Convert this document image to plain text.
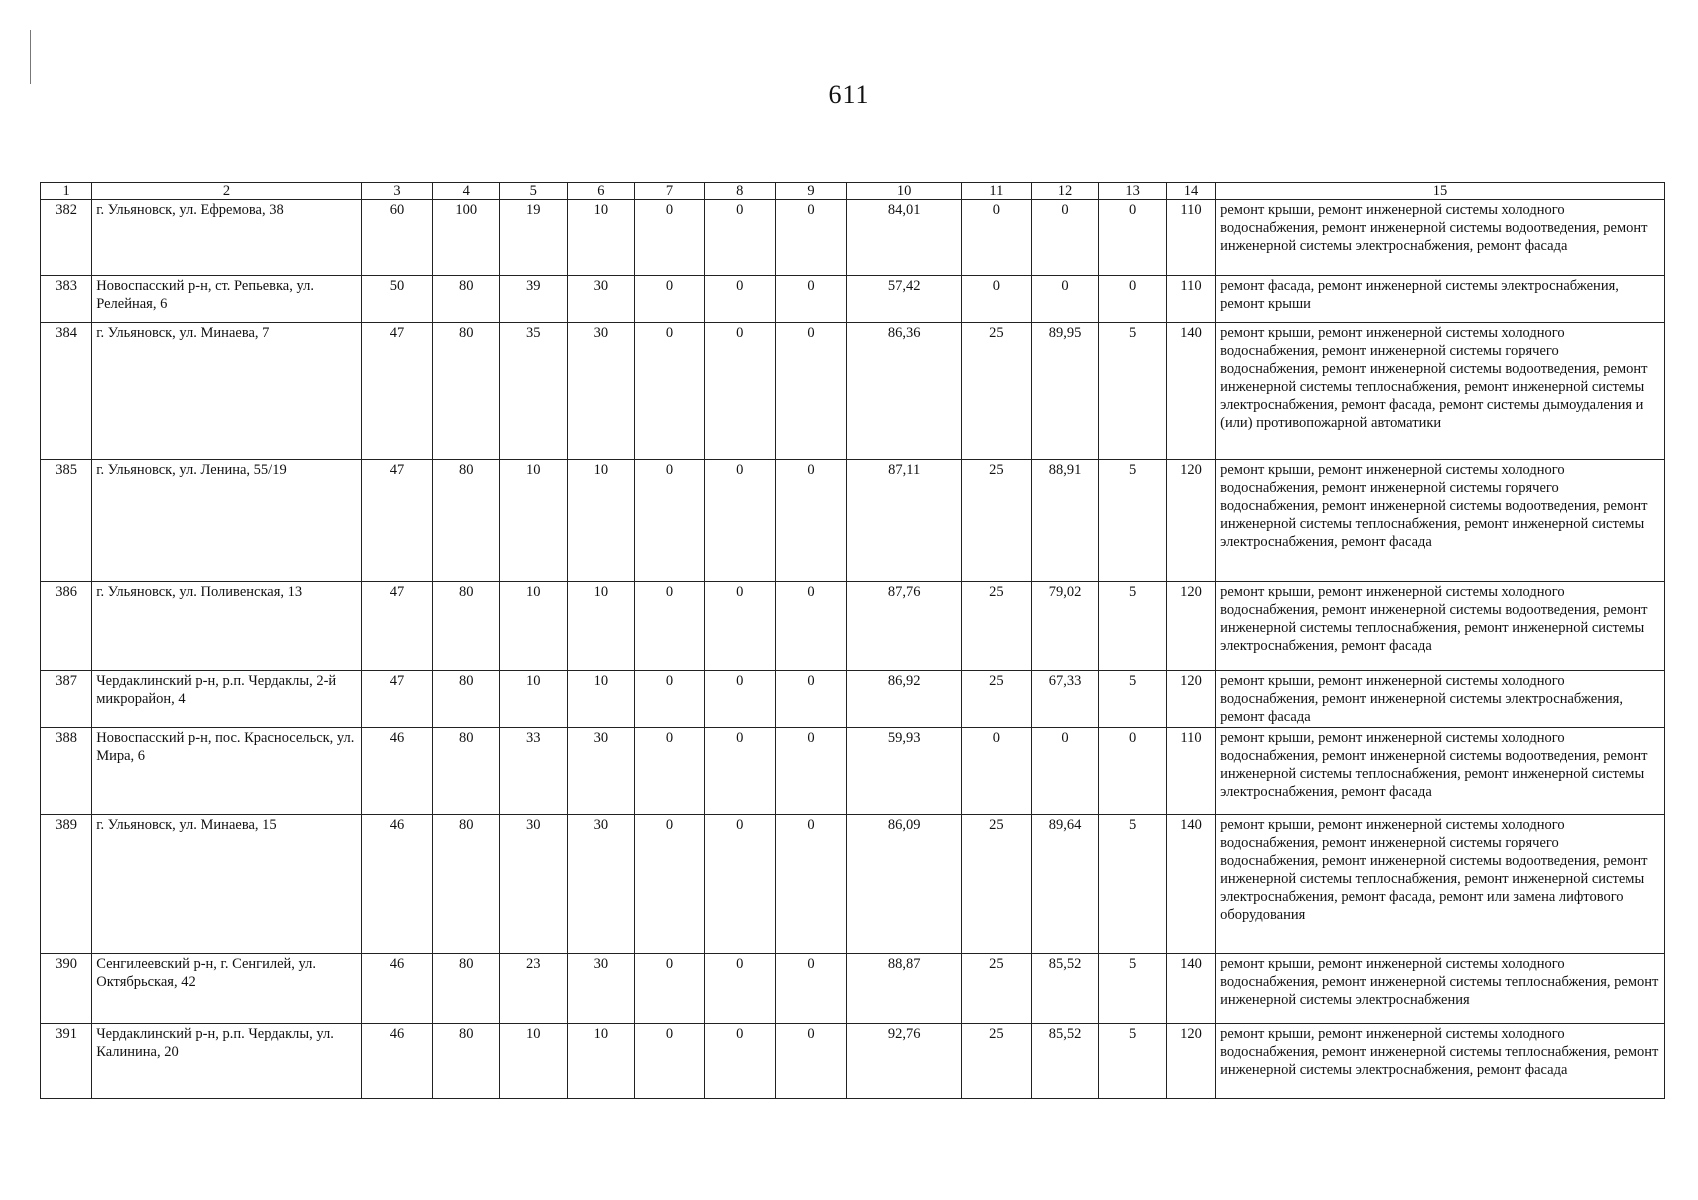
611
1	2	3	4	5	6	7	8	9	10	11	12	13	14	15
382	г. Ульяновск, ул. Ефремова, 38	60	100	19	10	0	0	0	84,01	0	0	0	110	ремонт крыши, ремонт инженерной системы холодного водоснабжения, ремонт инженерной системы водоотведения, ремонт инженерной системы электроснабжения, ремонт фасада
383	Новоспасский р-н, ст. Репьевка, ул. Релейная, 6	50	80	39	30	0	0	0	57,42	0	0	0	110	ремонт фасада, ремонт инженерной системы электроснабжения, ремонт крыши
384	г. Ульяновск, ул. Минаева, 7	47	80	35	30	0	0	0	86,36	25	89,95	5	140	ремонт крыши, ремонт инженерной системы холодного водоснабжения, ремонт инженерной системы горячего водоснабжения, ремонт инженерной системы водоотведения, ремонт инженерной системы теплоснабжения, ремонт инженерной системы электроснабжения, ремонт фасада, ремонт системы дымоудаления и (или) противопожарной автоматики
385	г. Ульяновск, ул. Ленина, 55/19	47	80	10	10	0	0	0	87,11	25	88,91	5	120	ремонт крыши, ремонт инженерной системы холодного водоснабжения, ремонт инженерной системы горячего водоснабжения, ремонт инженерной системы водоотведения, ремонт инженерной системы теплоснабжения, ремонт инженерной системы электроснабжения, ремонт фасада
386	г. Ульяновск, ул. Поливенская, 13	47	80	10	10	0	0	0	87,76	25	79,02	5	120	ремонт крыши, ремонт инженерной системы холодного водоснабжения, ремонт инженерной системы водоотведения, ремонт инженерной системы теплоснабжения, ремонт инженерной системы электроснабжения, ремонт фасада
387	Чердаклинский р-н, р.п. Чердаклы, 2-й микрорайон, 4	47	80	10	10	0	0	0	86,92	25	67,33	5	120	ремонт крыши, ремонт инженерной системы холодного водоснабжения, ремонт инженерной системы электроснабжения, ремонт фасада
388	Новоспасский р-н, пос. Красносельск, ул. Мира, 6	46	80	33	30	0	0	0	59,93	0	0	0	110	ремонт крыши, ремонт инженерной системы холодного водоснабжения, ремонт инженерной системы водоотведения, ремонт инженерной системы теплоснабжения, ремонт инженерной системы электроснабжения, ремонт фасада
389	г. Ульяновск, ул. Минаева, 15	46	80	30	30	0	0	0	86,09	25	89,64	5	140	ремонт крыши, ремонт инженерной системы холодного водоснабжения, ремонт инженерной системы горячего водоснабжения, ремонт инженерной системы водоотведения, ремонт инженерной системы теплоснабжения, ремонт инженерной системы электроснабжения, ремонт фасада, ремонт или замена лифтового оборудования
390	Сенгилеевский р-н, г. Сенгилей, ул. Октябрьская, 42	46	80	23	30	0	0	0	88,87	25	85,52	5	140	ремонт крыши, ремонт инженерной системы холодного водоснабжения, ремонт инженерной системы теплоснабжения, ремонт инженерной системы электроснабжения
391	Чердаклинский р-н, р.п. Чердаклы, ул. Калинина, 20	46	80	10	10	0	0	0	92,76	25	85,52	5	120	ремонт крыши, ремонт инженерной системы холодного водоснабжения, ремонт инженерной системы теплоснабжения, ремонт инженерной системы электроснабжения, ремонт фасада
